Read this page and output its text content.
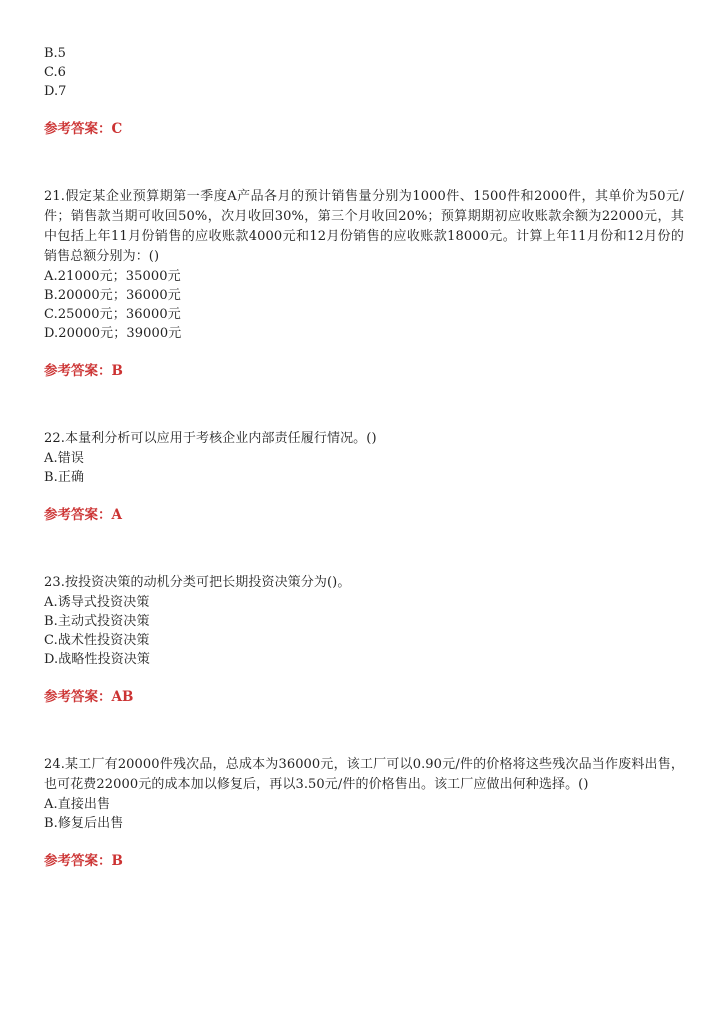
B.5
C.6
D.7
参考答案：C

21.假定某企业预算期第一季度A产品各月的预计销售量分别为1000件、1500件和2000件，其单价为50元/件；销售款当期可收回50%，次月收回30%，第三个月收回20%；预算期期初应收账款余额为22000元，其中包括上年11月份销售的应收账款4000元和12月份销售的应收账款18000元。计算上年11月份和12月份的销售总额分别为：()

A.21000元；35000元
B.20000元；36000元
C.25000元；36000元
D.20000元；39000元
参考答案：B

22.本量利分析可以应用于考核企业内部责任履行情况。()

A.错误
B.正确
参考答案：A

23.按投资决策的动机分类可把长期投资决策分为()。

A.诱导式投资决策
B.主动式投资决策
C.战术性投资决策
D.战略性投资决策
参考答案：AB

24.某工厂有20000件残次品，总成本为36000元，该工厂可以0.90元/件的价格将这些残次品当作废料出售，也可花费22000元的成本加以修复后，再以3.50元/件的价格售出。该工厂应做出何种选择。()

A.直接出售
B.修复后出售
参考答案：B
